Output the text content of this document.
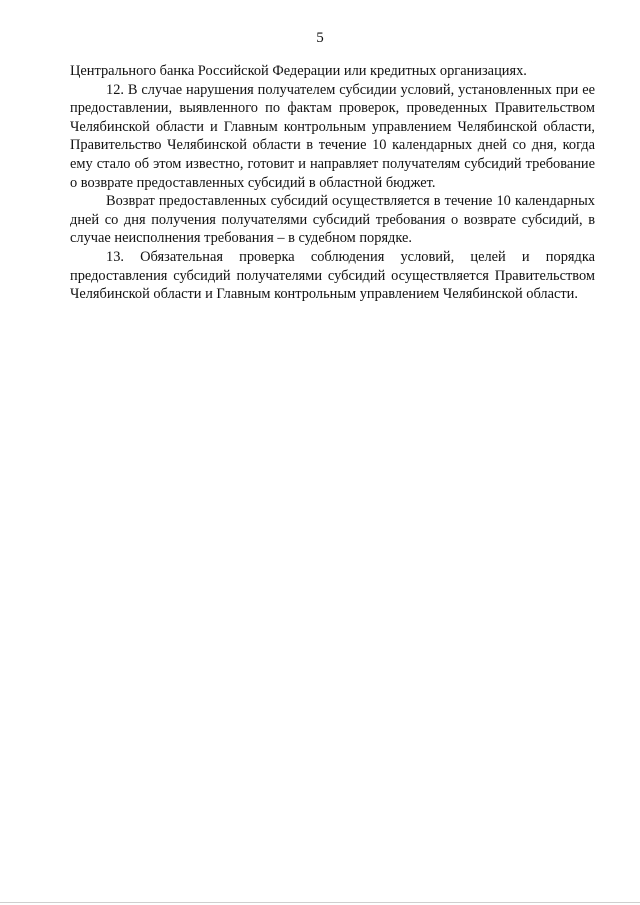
5

Центрального банка Российской Федерации или кредитных организациях.

12. В случае нарушения получателем субсидии условий, установленных при ее предоставлении, выявленного по фактам проверок, проведенных Правительством Челябинской области и Главным контрольным управлением Челябинской области, Правительство Челябинской области в течение 10 календарных дней со дня, когда ему стало об этом известно, готовит и направляет получателям субсидий требование о возврате предоставленных субсидий в областной бюджет.

Возврат предоставленных субсидий осуществляется в течение 10 календарных дней со дня получения получателями субсидий требования о возврате субсидий, в случае неисполнения требования – в судебном порядке.

13. Обязательная проверка соблюдения условий, целей и порядка предоставления субсидий получателями субсидий осуществляется Правительством Челябинской области и Главным контрольным управлением Челябинской области.
